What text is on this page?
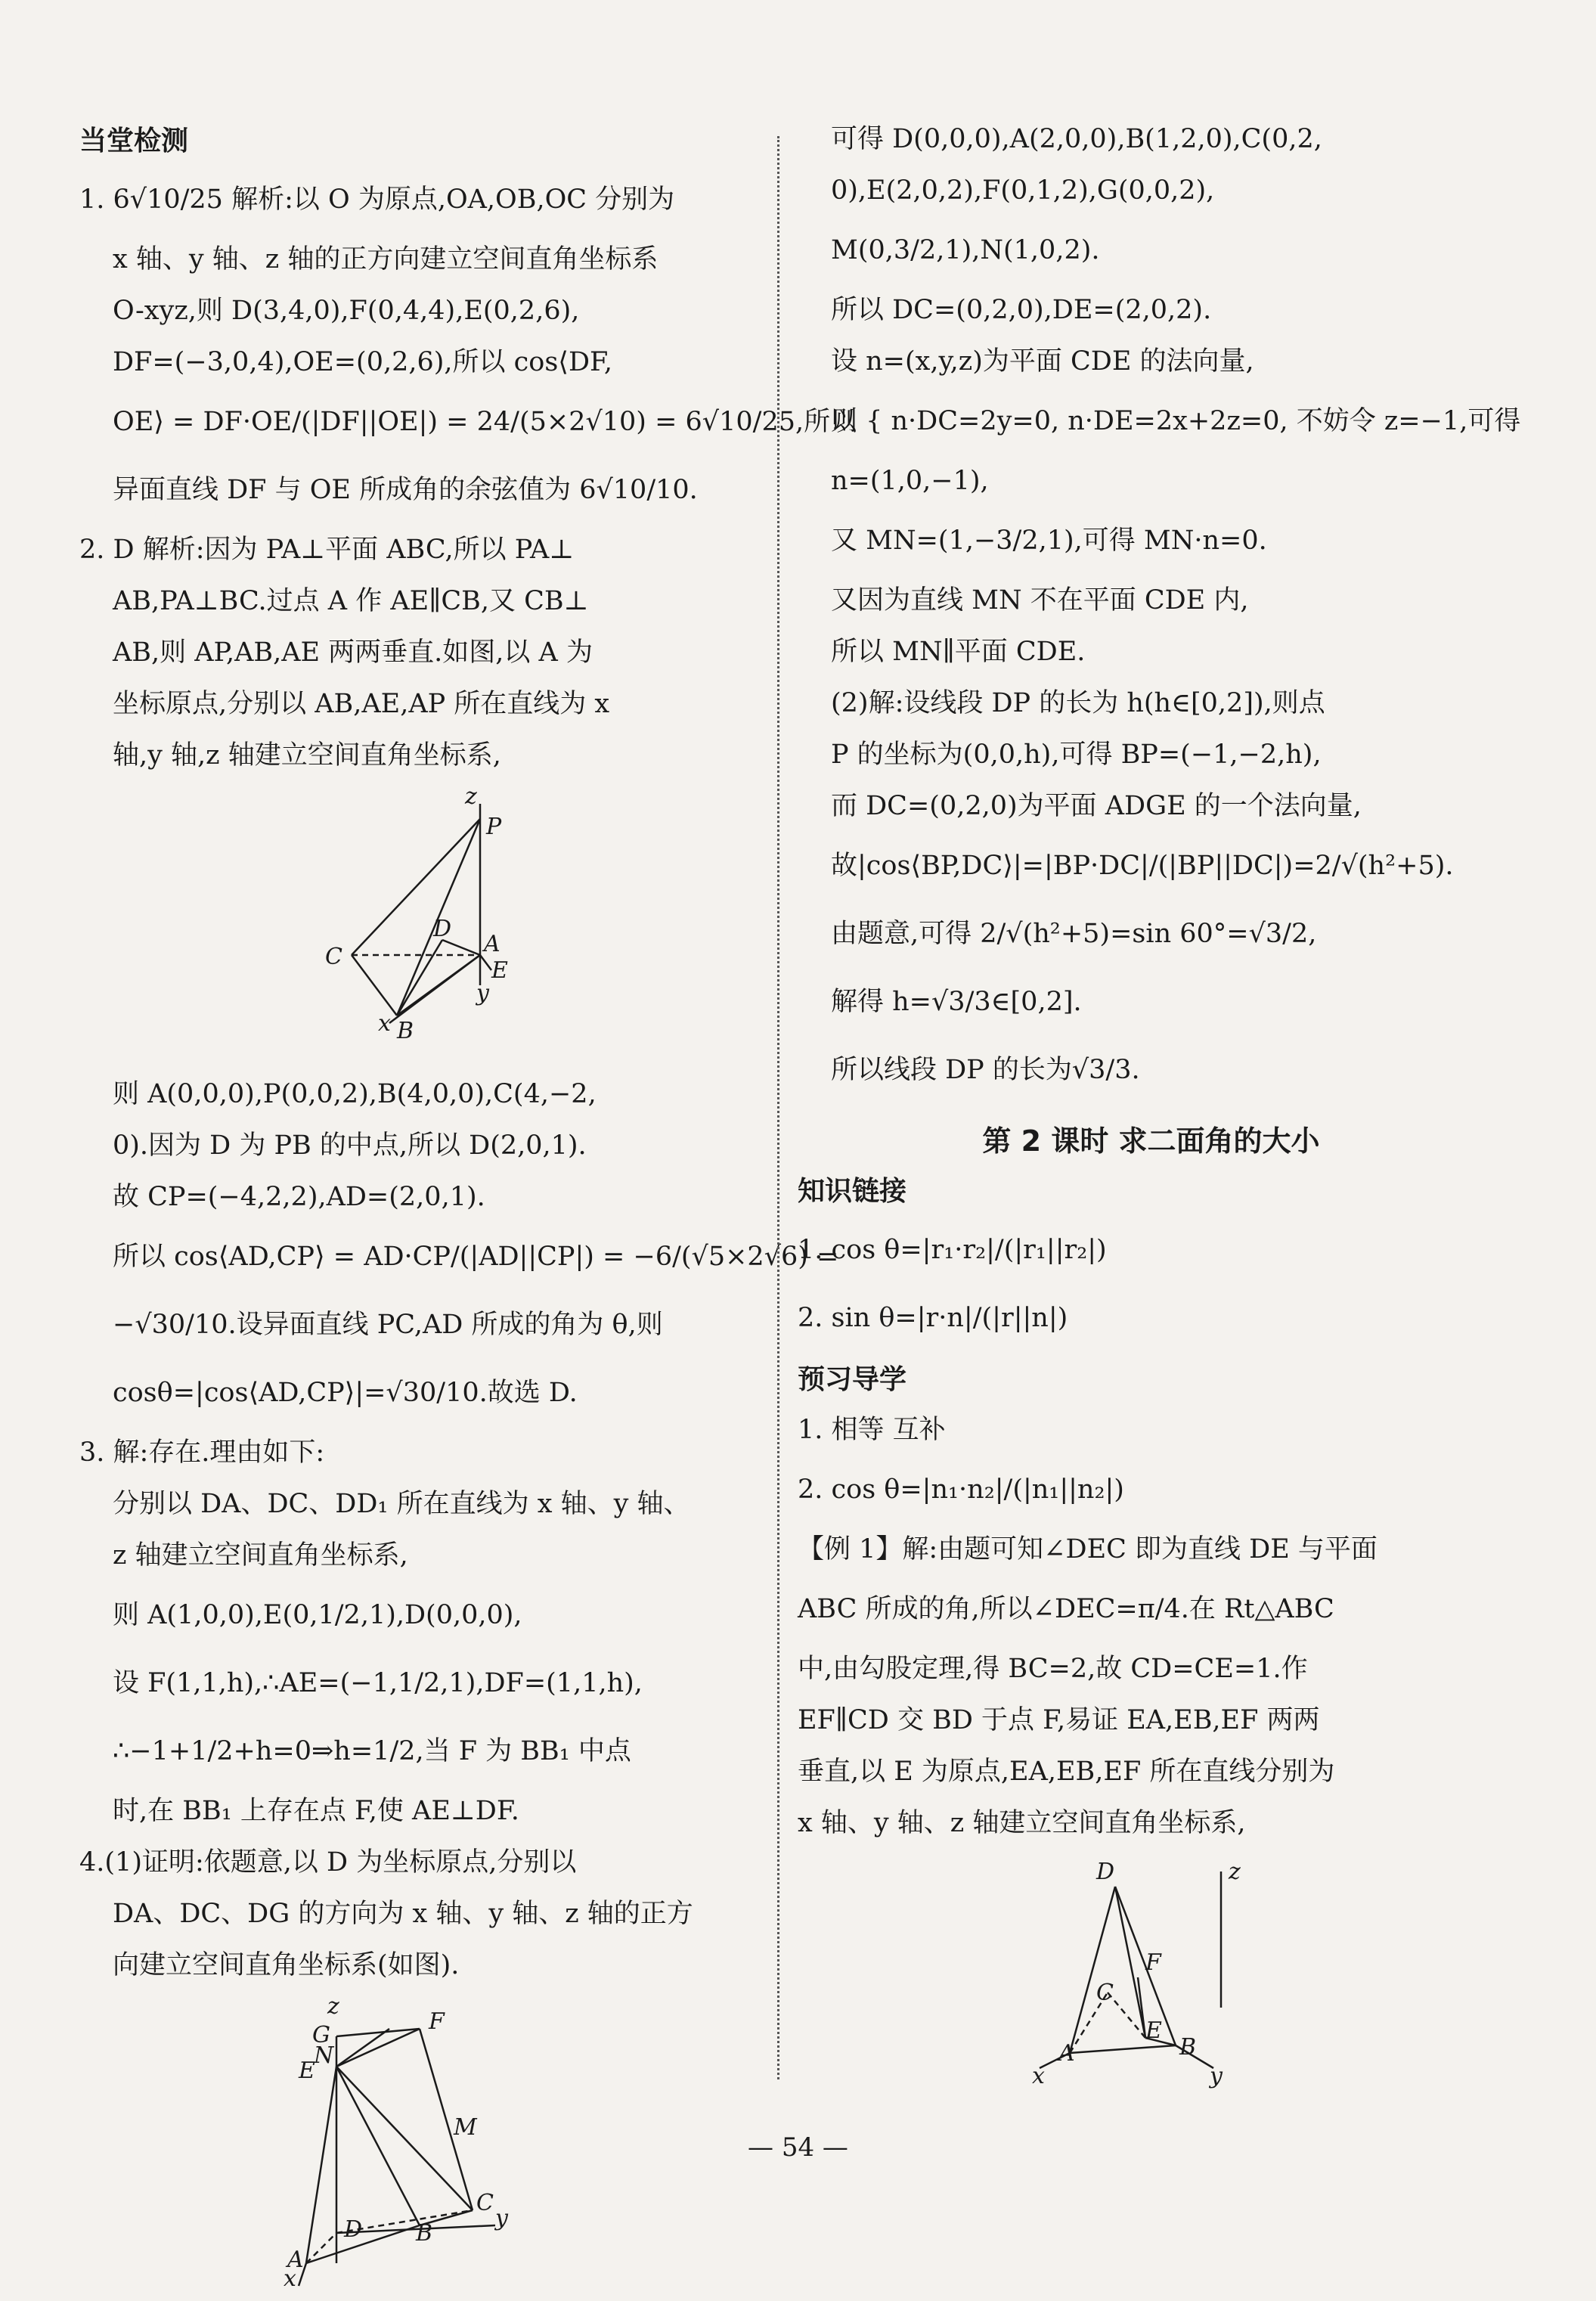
当堂检测
1. 6√10/25 解析:以 O 为原点,OA,OB,OC 分别为
x 轴、y 轴、z 轴的正方向建立空间直角坐标系
O-xyz,则 D(3,4,0),F(0,4,4),E(0,2,6),
DF=(−3,0,4),OE=(0,2,6),所以 cos⟨DF,
OE⟩ = DF·OE/(|DF||OE|) = 24/(5×2√10) = 6√10/25,所以
异面直线 DF 与 OE 所成角的余弦值为 6√10/10.
2. D 解析:因为 PA⊥平面 ABC,所以 PA⊥
AB,PA⊥BC.过点 A 作 AE∥CB,又 CB⊥
AB,则 AP,AB,AE 两两垂直.如图,以 A 为
坐标原点,分别以 AB,AE,AP 所在直线为 x
轴,y 轴,z 轴建立空间直角坐标系,
z
P
D
C	A
E
y
x B
则 A(0,0,0),P(0,0,2),B(4,0,0),C(4,−2,
0).因为 D 为 PB 的中点,所以 D(2,0,1).
故 CP=(−4,2,2),AD=(2,0,1).
所以 cos⟨AD,CP⟩ = AD·CP/(|AD||CP|) = −6/(√5×2√6) =
−√30/10.设异面直线 PC,AD 所成的角为 θ,则
cosθ=|cos⟨AD,CP⟩|=√30/10.故选 D.
3. 解:存在.理由如下:
分别以 DA、DC、DD₁ 所在直线为 x 轴、y 轴、
z 轴建立空间直角坐标系,
则 A(1,0,0),E(0,1/2,1),D(0,0,0),
设 F(1,1,h),∴AE=(−1,1/2,1),DF=(1,1,h),
∴−1+1/2+h=0⇒h=1/2,当 F 为 BB₁ 中点
时,在 BB₁ 上存在点 F,使 AE⊥DF.
4.(1)证明:依题意,以 D 为坐标原点,分别以
DA、DC、DG 的方向为 x 轴、y 轴、z 轴的正方
向建立空间直角坐标系(如图).
z
G
F
N
E
M
C
y
D
A
B
x
可得 D(0,0,0),A(2,0,0),B(1,2,0),C(0,2,
0),E(2,0,2),F(0,1,2),G(0,0,2),
M(0,3/2,1),N(1,0,2).
所以 DC=(0,2,0),DE=(2,0,2).
设 n=(x,y,z)为平面 CDE 的法向量,
则 { n·DC=2y=0, n·DE=2x+2z=0, 不妨令 z=−1,可得
n=(1,0,−1),
又 MN=(1,−3/2,1),可得 MN·n=0.
又因为直线 MN 不在平面 CDE 内,
所以 MN∥平面 CDE.
(2)解:设线段 DP 的长为 h(h∈[0,2]),则点
P 的坐标为(0,0,h),可得 BP=(−1,−2,h),
而 DC=(0,2,0)为平面 ADGE 的一个法向量,
故|cos⟨BP,DC⟩|=|BP·DC|/(|BP||DC|)=2/√(h²+5).
由题意,可得 2/√(h²+5)=sin 60°=√3/2,
解得 h=√3/3∈[0,2].
所以线段 DP 的长为√3/3.
第 2 课时 求二面角的大小
知识链接
1. cos θ=|r₁·r₂|/(|r₁||r₂|)
2. sin θ=|r·n|/(|r||n|)
预习导学
1. 相等 互补
2. cos θ=|n₁·n₂|/(|n₁||n₂|)
【例 1】解:由题可知∠DEC 即为直线 DE 与平面
ABC 所成的角,所以∠DEC=π/4.在 Rt△ABC
中,由勾股定理,得 BC=2,故 CD=CE=1.作
EF∥CD 交 BD 于点 F,易证 EA,EB,EF 两两
垂直,以 E 为原点,EA,EB,EF 所在直线分别为
x 轴、y 轴、z 轴建立空间直角坐标系,
z
D
F
C
E
A	B
x	y
— 54 —
